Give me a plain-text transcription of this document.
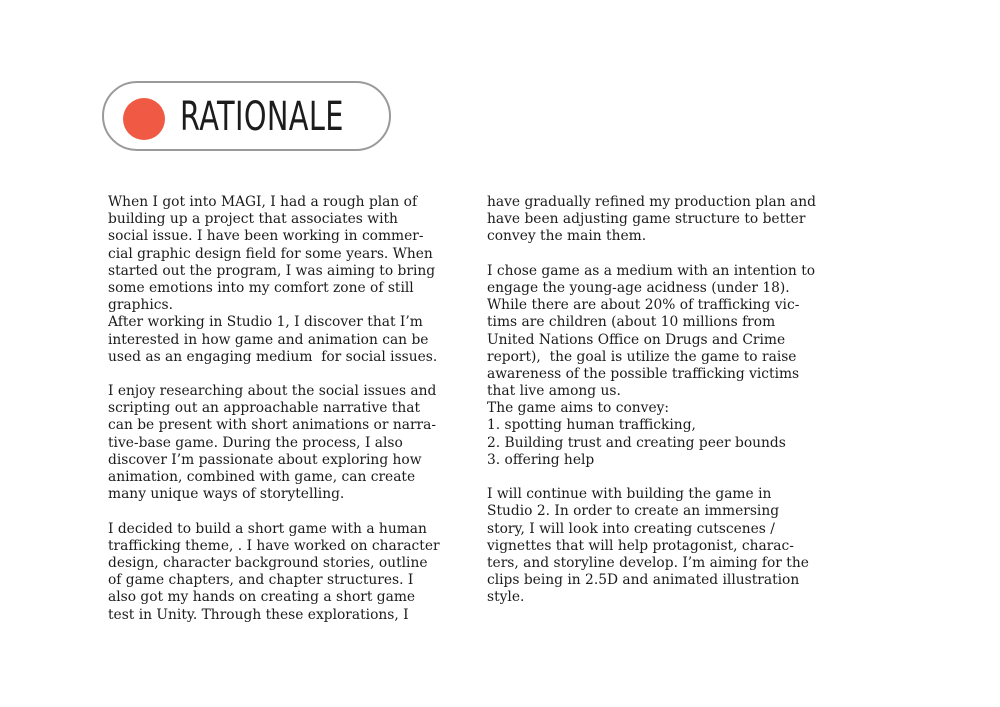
RATIONALE
When I got into MAGI, I had a rough plan of
building up a project that associates with
social issue. I have been working in commer-
cial graphic design field for some years. When
started out the program, I was aiming to bring
some emotions into my comfort zone of still
graphics.
After working in Studio 1, I discover that I’m
interested in how game and animation can be
used as an engaging medium  for social issues.
I enjoy researching about the social issues and
scripting out an approachable narrative that
can be present with short animations or narra-
tive-base game. During the process, I also
discover I’m passionate about exploring how
animation, combined with game, can create
many unique ways of storytelling.
I decided to build a short game with a human
trafficking theme, . I have worked on character
design, character background stories, outline
of game chapters, and chapter structures. I
also got my hands on creating a short game
test in Unity. Through these explorations, I
have gradually refined my production plan and
have been adjusting game structure to better
convey the main them.
I chose game as a medium with an intention to
engage the young-age acidness (under 18).
While there are about 20% of trafficking vic-
tims are children (about 10 millions from
United Nations Office on Drugs and Crime
report),  the goal is utilize the game to raise
awareness of the possible trafficking victims
that live among us.
The game aims to convey:
1. spotting human trafficking,
2. Building trust and creating peer bounds
3. offering help
I will continue with building the game in
Studio 2. In order to create an immersing
story, I will look into creating cutscenes /
vignettes that will help protagonist, charac-
ters, and storyline develop. I’m aiming for the
clips being in 2.5D and animated illustration
style.
